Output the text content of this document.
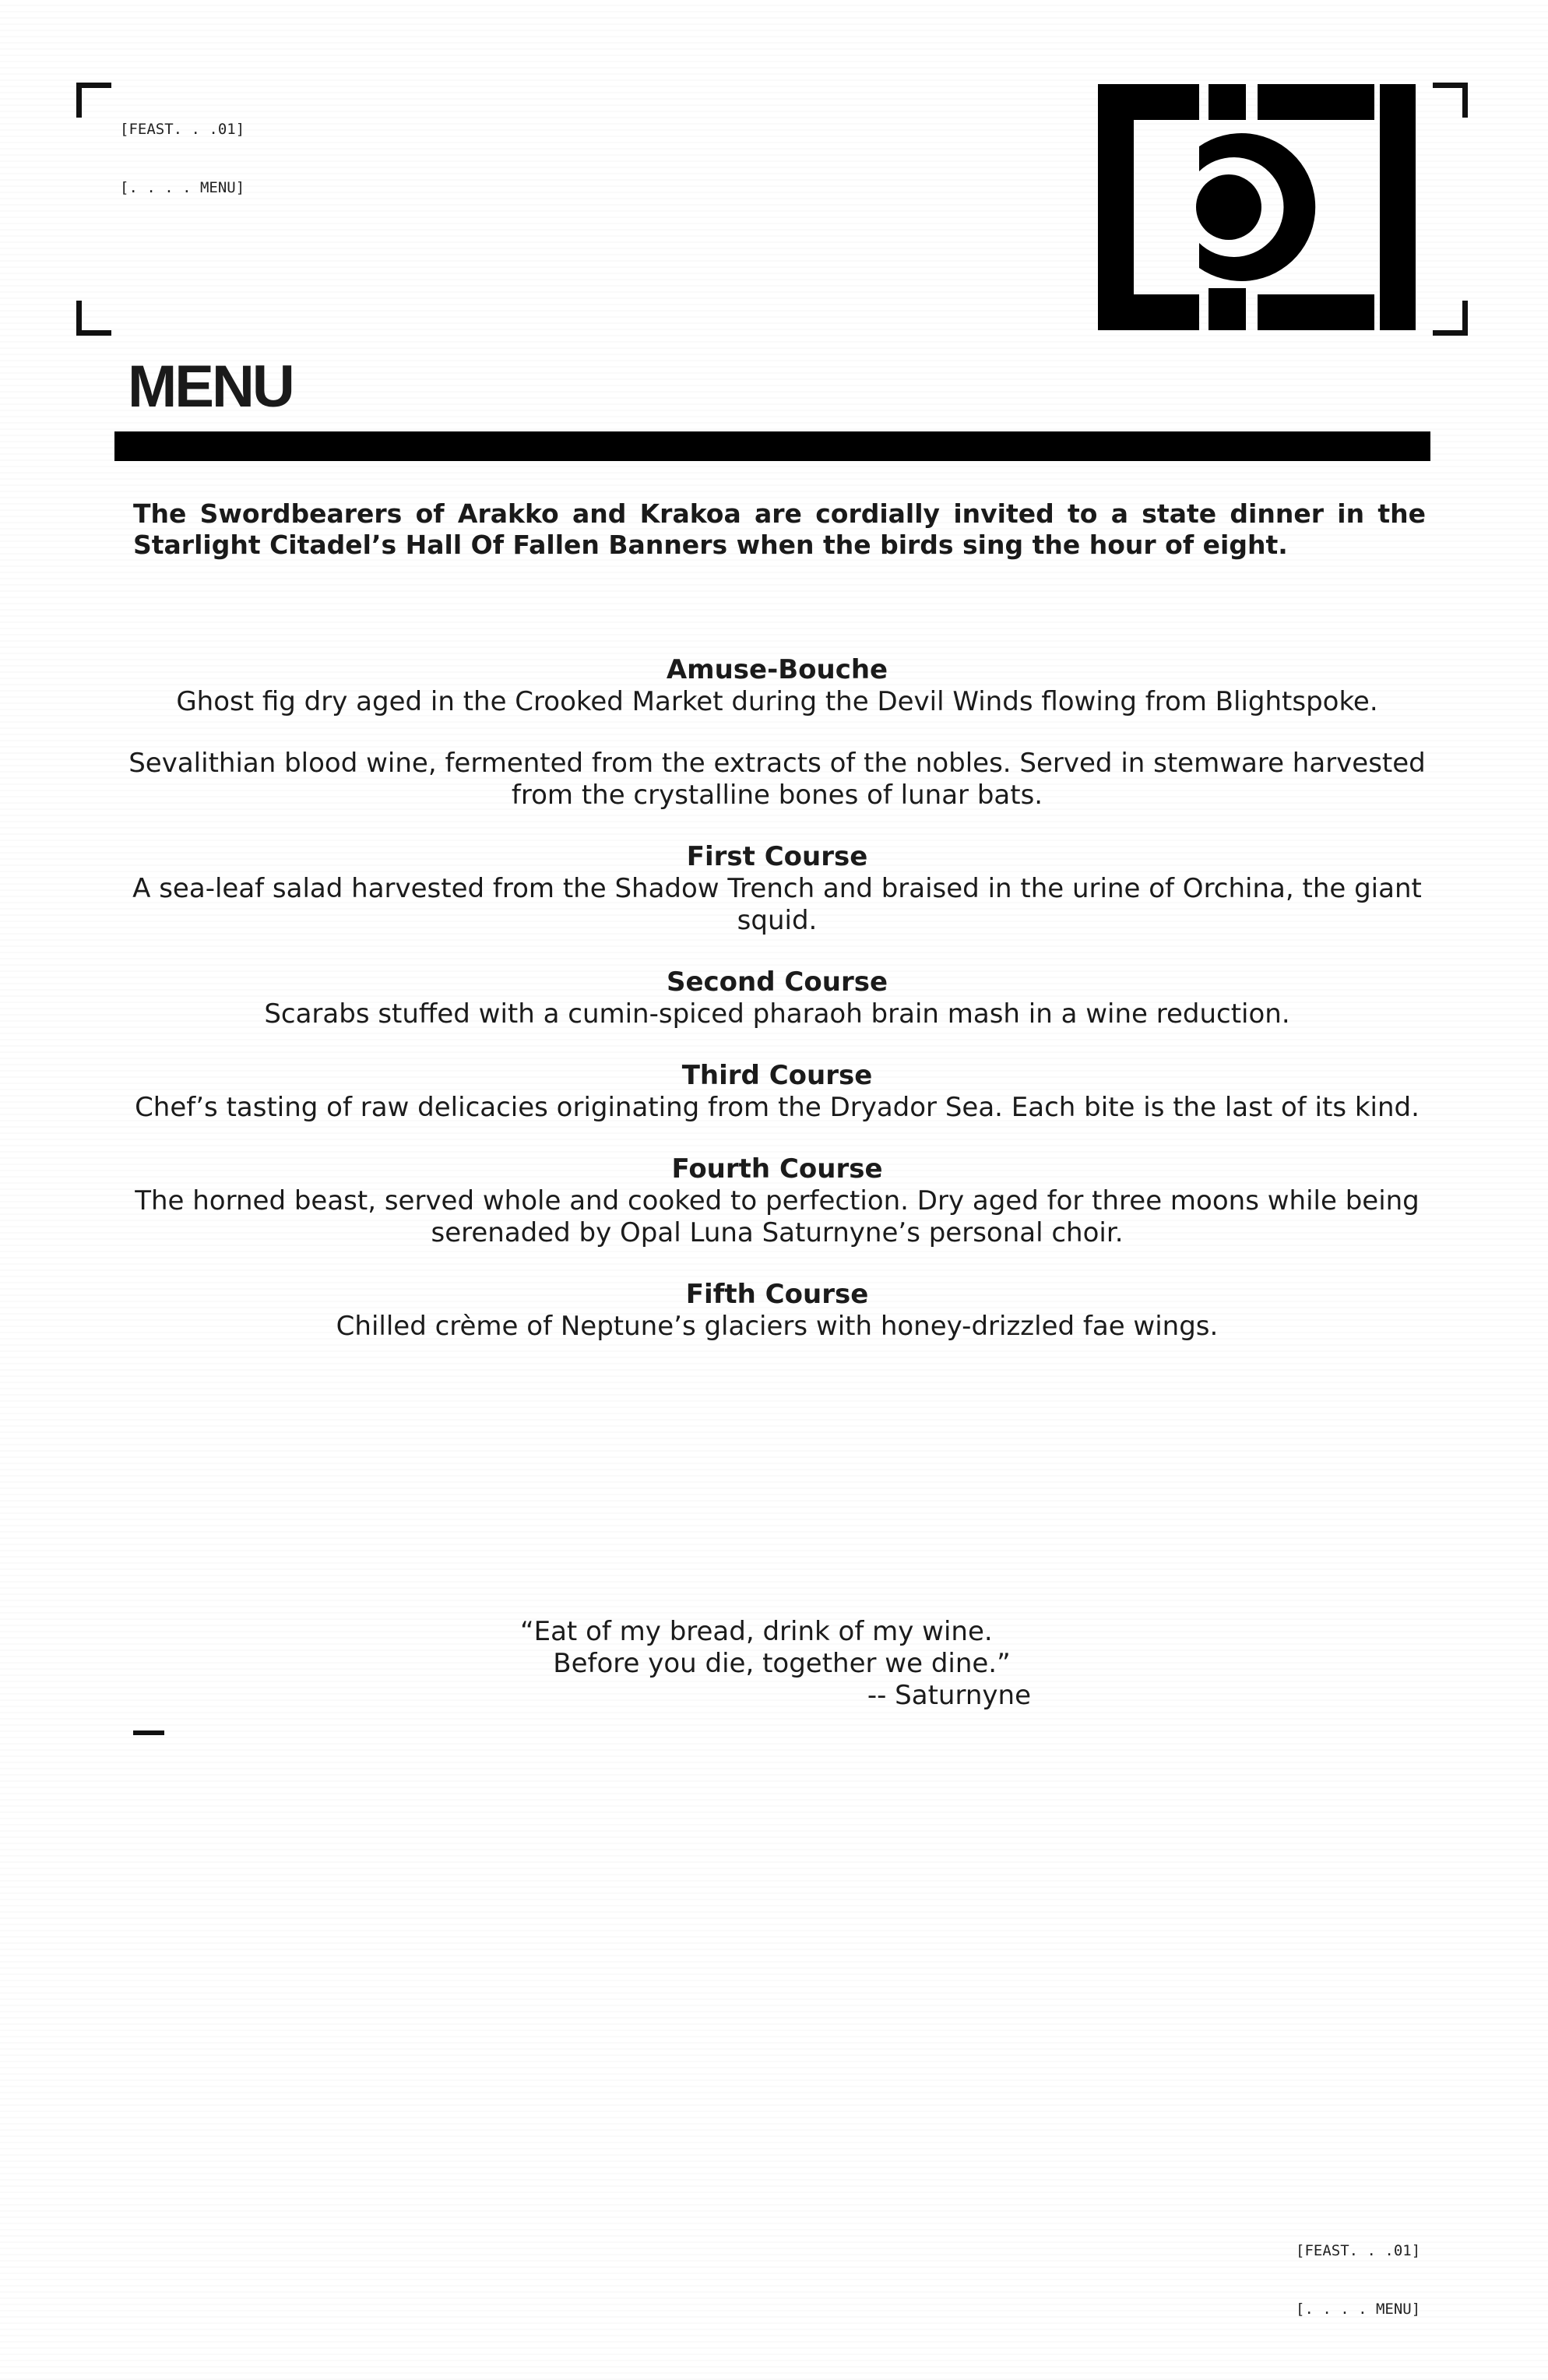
[FEAST. . .01]

[. . . . MENU]

MENU

The Swordbearers of Arakko and Krakoa are cordially invited to a state dinner in the Starlight Citadel’s Hall Of Fallen Banners when the birds sing the hour of eight.

Amuse-Bouche
Ghost fig dry aged in the Crooked Market during the Devil Winds flowing from Blightspoke.
Sevalithian blood wine, fermented from the extracts of the nobles. Served in stemware harvested from the crystalline bones of lunar bats.
First Course
A sea-leaf salad harvested from the Shadow Trench and braised in the urine of Orchina, the giant squid.
Second Course
Scarabs stuffed with a cumin-spiced pharaoh brain mash in a wine reduction.
Third Course
Chef’s tasting of raw delicacies originating from the Dryador Sea. Each bite is the last of its kind.
Fourth Course
The horned beast, served whole and cooked to perfection. Dry aged for three moons while being serenaded by Opal Luna Saturnyne’s personal choir.
Fifth Course
Chilled crème of Neptune’s glaciers with honey-drizzled fae wings.
“Eat of my bread, drink of my wine.
Before you die, together we dine.”
-- Saturnyne

[FEAST. . .01]

[. . . . MENU]
